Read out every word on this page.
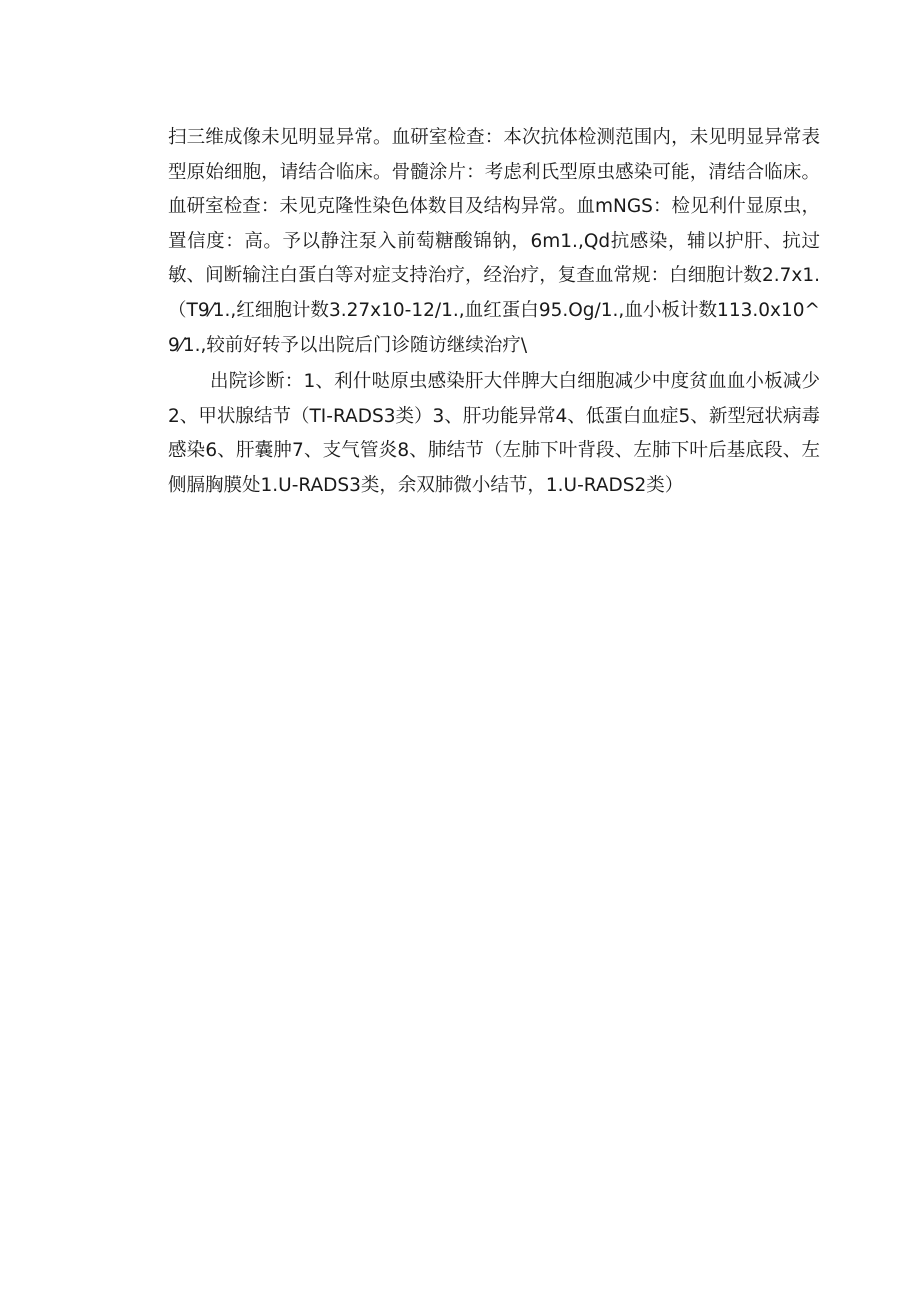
扫三维成像未见明显异常。血研室检查：本次抗体检测范围内，未见明显异常表型原始细胞，请结合临床。骨髓涂片：考虑利氏型原虫感染可能，清结合临床。血研室检查：未见克隆性染色体数目及结构异常。血mNGS：检见利什显原虫，置信度：高。予以静注泵入前萄糖酸锦钠，6m1.,Qd抗感染，辅以护肝、抗过敏、间断输注白蛋白等对症支持治疗，经治疗，复查血常规：白细胞计数2.7x1.（T9⁄1.,红细胞计数3.27x10-12/1.,血红蛋白95.Og/1.,血小板计数113.0x10^9⁄1.,较前好转予以出院后门诊随访继续治疗\

出院诊断：1、利什哒原虫感染肝大伴脾大白细胞减少中度贫血血小板减少2、甲状腺结节（TI-RADS3类）3、肝功能异常4、低蛋白血症5、新型冠状病毒感染6、肝囊肿7、支气管炎8、肺结节（左肺下叶背段、左肺下叶后基底段、左侧膈胸膜处1.U-RADS3类，余双肺微小结节，1.U-RADS2类）
